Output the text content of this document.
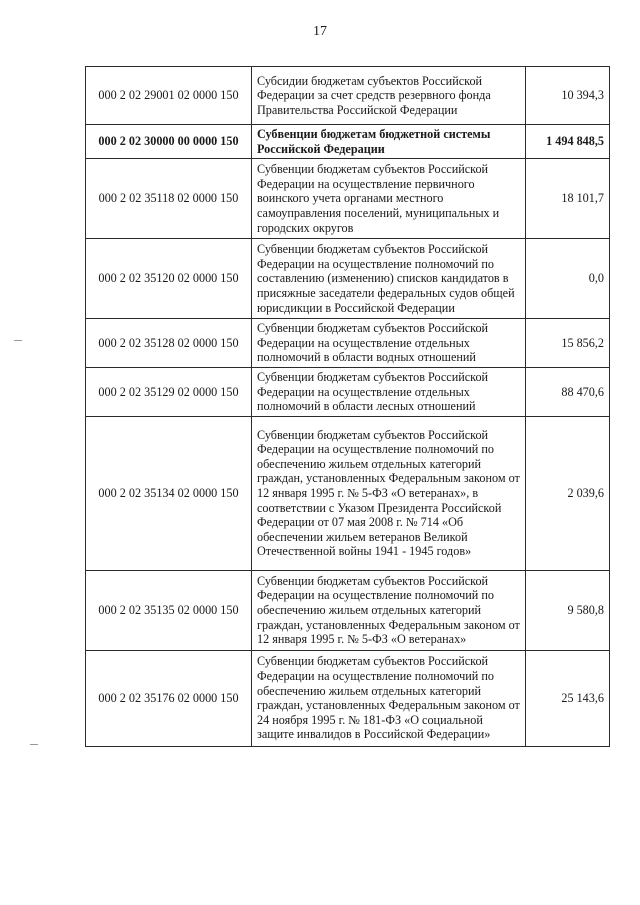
17
000 2 02 29001 02 0000 150	Субсидии бюджетам субъектов Российской Федерации за счет средств резервного фонда Правительства Российской Федерации	10 394,3
000 2 02 30000 00 0000 150	Субвенции бюджетам бюджетной системы Российской Федерации	1 494 848,5
000 2 02 35118 02 0000 150	Субвенции бюджетам субъектов Российской Федерации на осуществление первичного воинского учета органами местного самоуправления поселений, муниципальных и городских округов	18 101,7
000 2 02 35120 02 0000 150	Субвенции бюджетам субъектов Российской Федерации на осуществление полномочий по составлению (изменению) списков кандидатов в присяжные заседатели федеральных судов общей юрисдикции в Российской Федерации	0,0
000 2 02 35128 02 0000 150	Субвенции бюджетам субъектов Российской Федерации на осуществление отдельных полномочий в области водных отношений	15 856,2
000 2 02 35129 02 0000 150	Субвенции бюджетам субъектов Российской Федерации на осуществление отдельных полномочий в области лесных отношений	88 470,6
000 2 02 35134 02 0000 150	Субвенции бюджетам субъектов Российской Федерации на осуществление полномочий по обеспечению жильем отдельных категорий граждан, установленных Федеральным законом от 12 января 1995 г. № 5-ФЗ «О ветеранах», в соответствии с Указом Президента Российской Федерации от 07 мая 2008 г. № 714 «Об обеспечении жильем ветеранов Великой Отечественной войны 1941 - 1945 годов»	2 039,6
000 2 02 35135 02 0000 150	Субвенции бюджетам субъектов Российской Федерации на осуществление полномочий по обеспечению жильем отдельных категорий граждан, установленных Федеральным законом от 12 января 1995 г. № 5-ФЗ «О ветеранах»	9 580,8
000 2 02 35176 02 0000 150	Субвенции бюджетам субъектов Российской Федерации на осуществление полномочий по обеспечению жильем отдельных категорий граждан, установленных Федеральным законом от 24 ноября 1995 г. № 181-ФЗ «О социальной защите инвалидов в Российской Федерации»	25 143,6
